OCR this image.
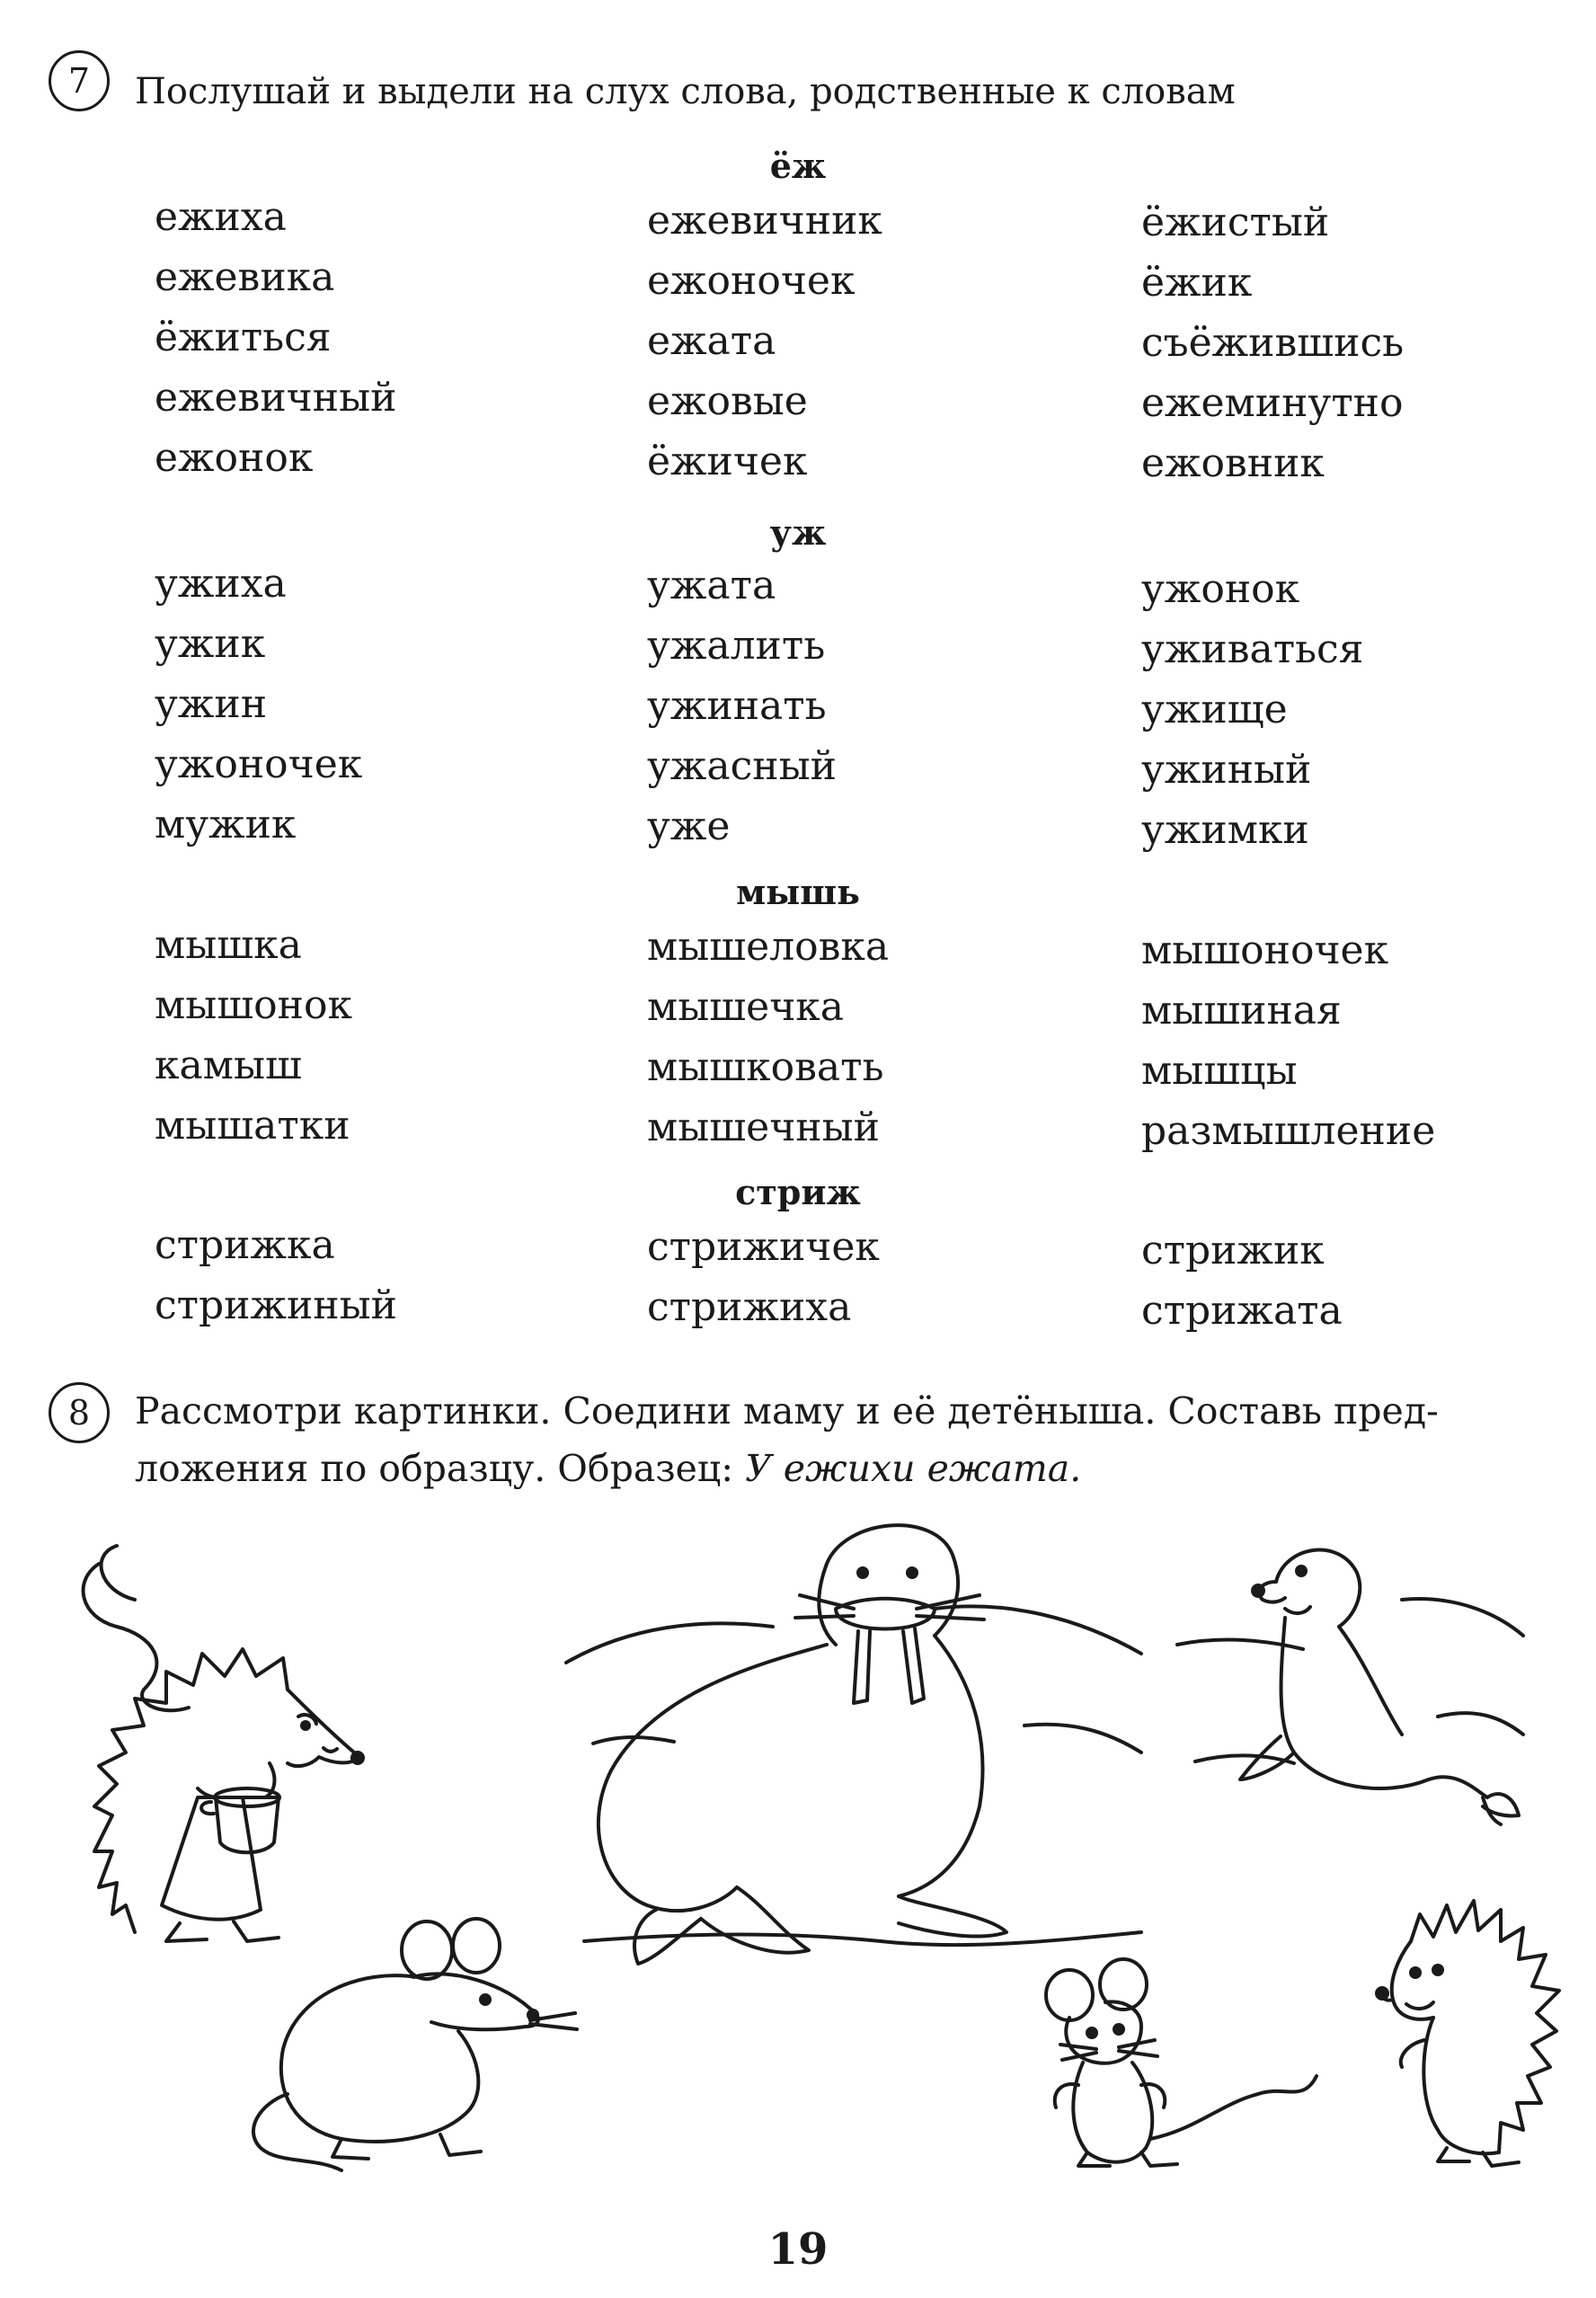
7	Послушай и выдели на слух слова, родственные к словам
ёж
ежиха
ежевика
ёжиться
ежевичный
ежонок
ежевичник
ежоночек
ежата
ежовые
ёжичек
ёжистый
ёжик
съёжившись
ежеминутно
ежовник
уж
ужиха
ужик
ужин
ужоночек
мужик
ужата
ужалить
ужинать
ужасный
уже
ужонок
уживаться
ужище
ужиный
ужимки
мышь
мышка
мышонок
камыш
мышатки
мышеловка
мышечка
мышковать
мышечный
мышоночек
мышиная
мышцы
размышление
стриж
стрижка
стрижиный
стрижичек
стрижиха
стрижик
стрижата
8	Рассмотри картинки. Соедини маму и её детёныша. Составь пред-
ложения по образцу. Образец: У ежихи ежата.
19
